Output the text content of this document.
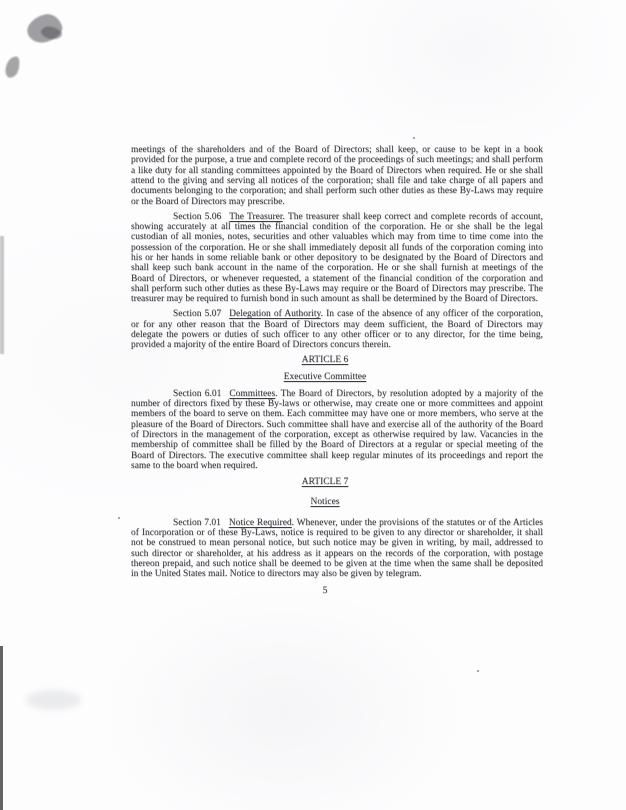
meetings of the shareholders and of the Board of Directors; shall keep, or cause to be kept in a book provided for the purpose, a true and complete record of the proceedings of such meetings; and shall perform a like duty for all standing committees appointed by the Board of Directors when required. He or she shall attend to the giving and serving all notices of the corporation; shall file and take charge of all papers and documents belonging to the corporation; and shall perform such other duties as these By-Laws may require or the Board of Directors may prescribe.

Section 5.06 The Treasurer. The treasurer shall keep correct and complete records of account, showing accurately at all times the financial condition of the corporation. He or she shall be the legal custodian of all monies, notes, securities and other valuables which may from time to time come into the possession of the corporation. He or she shall immediately deposit all funds of the corporation coming into his or her hands in some reliable bank or other depository to be designated by the Board of Directors and shall keep such bank account in the name of the corporation. He or she shall furnish at meetings of the Board of Directors, or whenever requested, a statement of the financial condition of the corporation and shall perform such other duties as these By-Laws may require or the Board of Directors may prescribe. The treasurer may be required to furnish bond in such amount as shall be determined by the Board of Directors.

Section 5.07 Delegation of Authority. In case of the absence of any officer of the corporation, or for any other reason that the Board of Directors may deem sufficient, the Board of Directors may delegate the powers or duties of such officer to any other officer or to any director, for the time being, provided a majority of the entire Board of Directors concurs therein.

ARTICLE 6

Executive Committee

Section 6.01 Committees. The Board of Directors, by resolution adopted by a majority of the number of directors fixed by these By-laws or otherwise, may create one or more committees and appoint members of the board to serve on them. Each committee may have one or more members, who serve at the pleasure of the Board of Directors. Such committee shall have and exercise all of the authority of the Board of Directors in the management of the corporation, except as otherwise required by law. Vacancies in the membership of committee shall be filled by the Board of Directors at a regular or special meeting of the Board of Directors. The executive committee shall keep regular minutes of its proceedings and report the same to the board when required.

ARTICLE 7

Notices

Section 7.01 Notice Required. Whenever, under the provisions of the statutes or of the Articles of Incorporation or of these By-Laws, notice is required to be given to any director or shareholder, it shall not be construed to mean personal notice, but such notice may be given in writing, by mail, addressed to such director or shareholder, at his address as it appears on the records of the corporation, with postage thereon prepaid, and such notice shall be deemed to be given at the time when the same shall be deposited in the United States mail. Notice to directors may also be given by telegram.

5
